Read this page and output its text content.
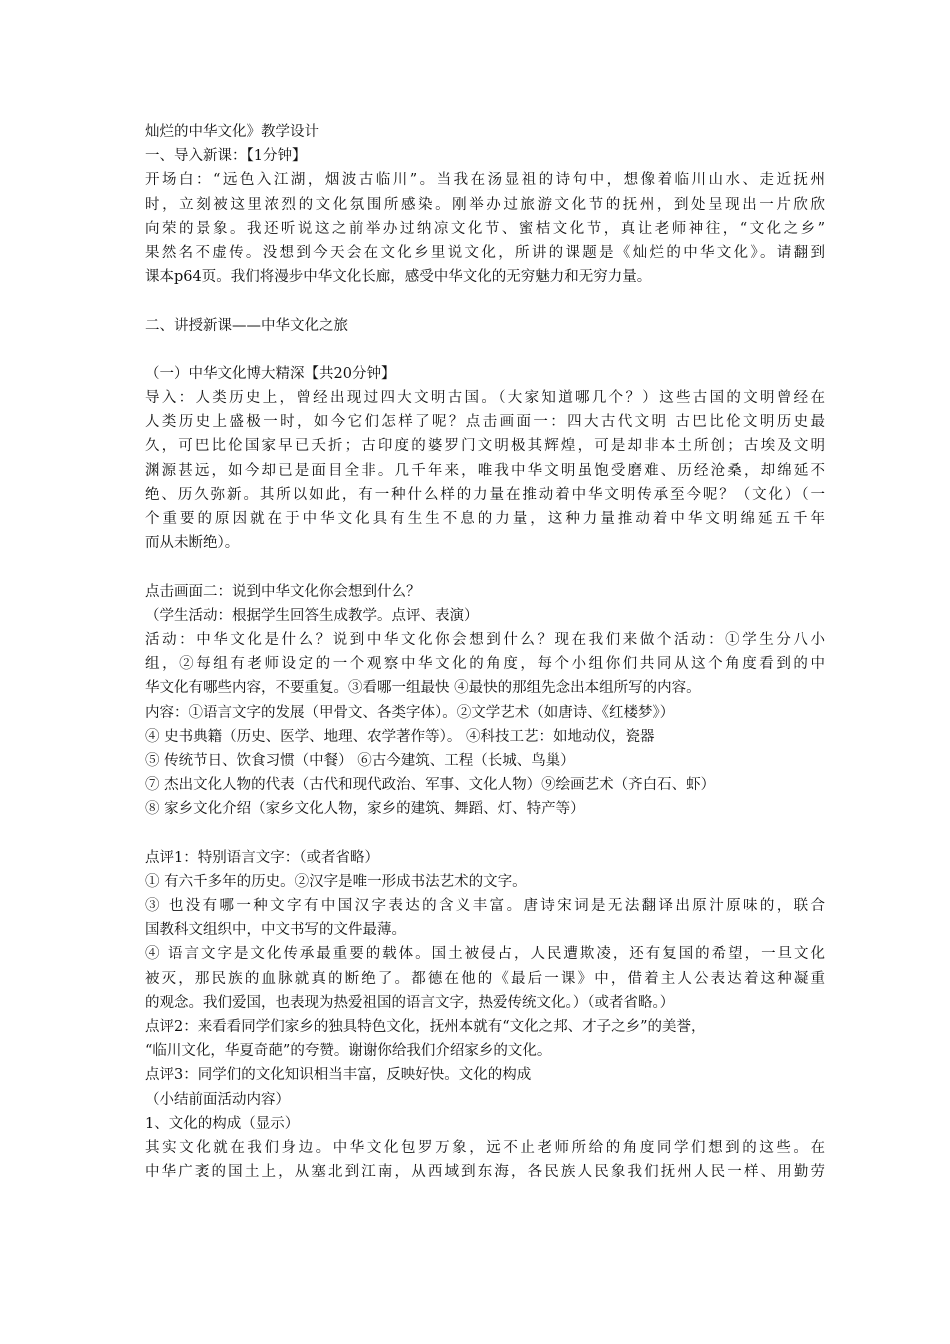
灿烂的中华文化》教学设计
一、导入新课：【1分钟】
开场白：“远色入江湖，烟波古临川”。当我在汤显祖的诗句中，想像着临川山水、走近抚州
时，立刻被这里浓烈的文化氛围所感染。刚举办过旅游文化节的抚州，到处呈现出一片欣欣
向荣的景象。我还听说这之前举办过纳凉文化节、蜜桔文化节，真让老师神往，“文化之乡”
果然名不虚传。没想到今天会在文化乡里说文化，所讲的课题是《灿烂的中华文化》。请翻到
课本p64页。我们将漫步中华文化长廊，感受中华文化的无穷魅力和无穷力量。
二、讲授新课——中华文化之旅
（一）中华文化博大精深【共20分钟】
导入：人类历史上，曾经出现过四大文明古国。（大家知道哪几个？）这些古国的文明曾经在
人类历史上盛极一时，如今它们怎样了呢？点击画面一：四大古代文明 古巴比伦文明历史最
久，可巴比伦国家早已夭折；古印度的婆罗门文明极其辉煌，可是却非本土所创；古埃及文明
渊源甚远，如今却已是面目全非。几千年来，唯我中华文明虽饱受磨难、历经沧桑，却绵延不
绝、历久弥新。其所以如此，有一种什么样的力量在推动着中华文明传承至今呢？（文化）（一
个重要的原因就在于中华文化具有生生不息的力量，这种力量推动着中华文明绵延五千年
而从未断绝）。
点击画面二：说到中华文化你会想到什么？
（学生活动：根据学生回答生成教学。点评、表演）
活动：中华文化是什么？说到中华文化你会想到什么？现在我们来做个活动：①学生分八小
组，②每组有老师设定的一个观察中华文化的角度，每个小组你们共同从这个角度看到的中
华文化有哪些内容，不要重复。③看哪一组最快 ④最快的那组先念出本组所写的内容。
内容：①语言文字的发展（甲骨文、各类字体）。②文学艺术（如唐诗、《红楼梦》）
④ 史书典籍（历史、医学、地理、农学著作等）。 ④科技工艺：如地动仪，瓷器
⑤ 传统节日、饮食习惯（中餐） ⑥古今建筑、工程（长城、鸟巢）
⑦ 杰出文化人物的代表（古代和现代政治、军事、文化人物）⑨绘画艺术（齐白石、虾）
⑧ 家乡文化介绍（家乡文化人物，家乡的建筑、舞蹈、灯、特产等）
点评1：特别语言文字：（或者省略）
① 有六千多年的历史。②汉字是唯一形成书法艺术的文字。
③ 也没有哪一种文字有中国汉字表达的含义丰富。唐诗宋词是无法翻译出原汁原味的，联合
国教科文组织中，中文书写的文件最薄。
④ 语言文字是文化传承最重要的载体。国土被侵占，人民遭欺凌，还有复国的希望，一旦文化
被灭，那民族的血脉就真的断绝了。都德在他的《最后一课》中，借着主人公表达着这种凝重
的观念。我们爱国，也表现为热爱祖国的语言文字，热爱传统文化。）（或者省略。）
点评2：来看看同学们家乡的独具特色文化，抚州本就有“文化之邦、才子之乡”的美誉，
“临川文化，华夏奇葩”的夸赞。谢谢你给我们介绍家乡的文化。
点评3：同学们的文化知识相当丰富，反映好快。文化的构成
（小结前面活动内容）
1、文化的构成（显示）
其实文化就在我们身边。中华文化包罗万象，远不止老师所给的角度同学们想到的这些。在
中华广袤的国土上，从塞北到江南，从西域到东海，各民族人民象我们抚州人民一样、用勤劳
